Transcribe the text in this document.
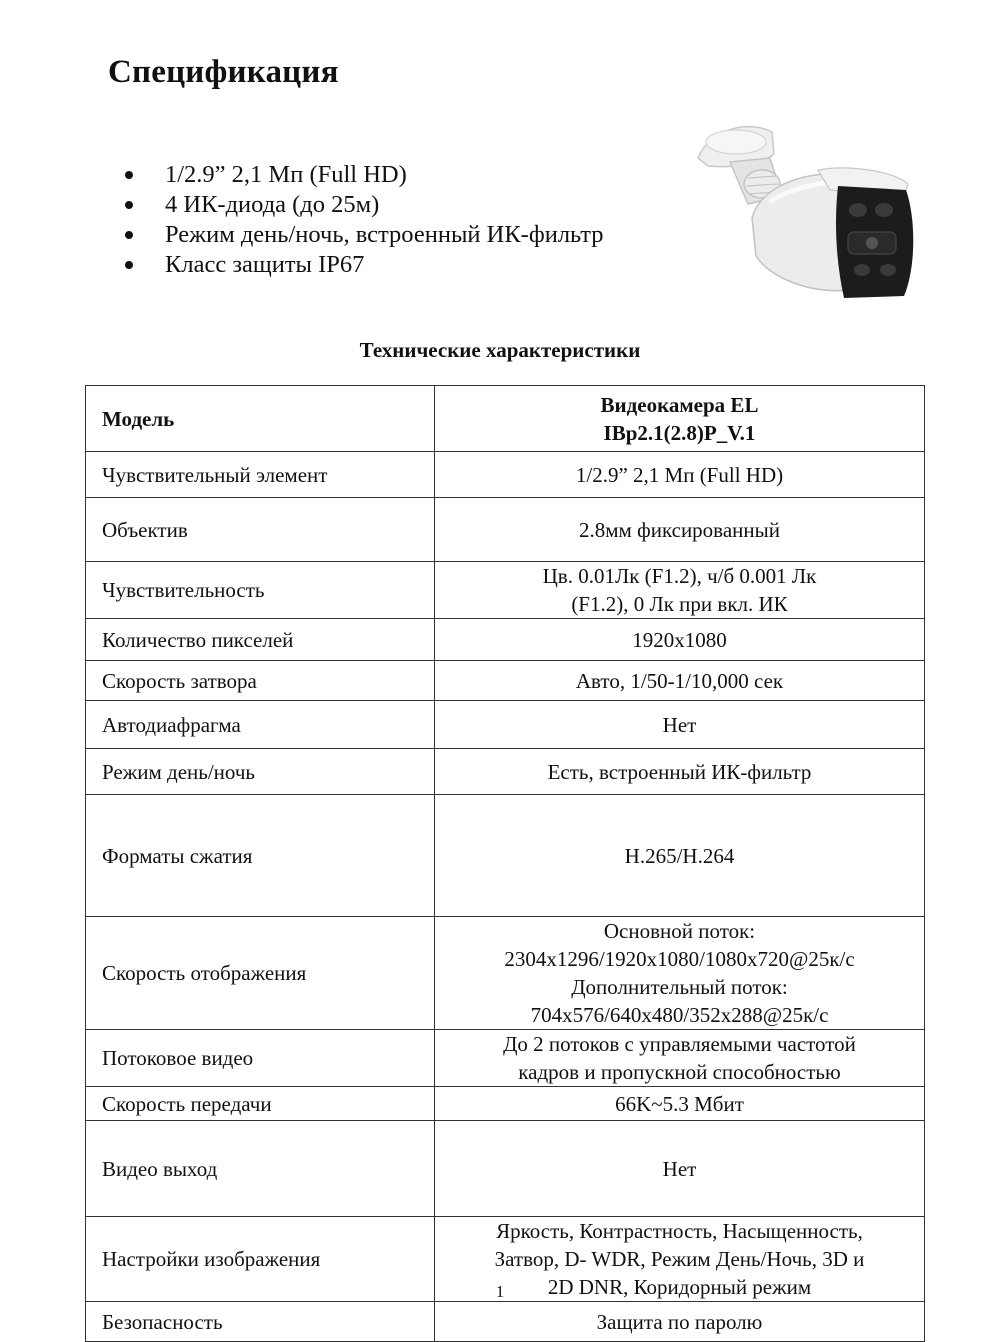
Спецификация
1/2.9” 2,1 Мп (Full HD)
4 ИК-диода (до 25м)
Режим день/ночь, встроенный ИК-фильтр
Класс защиты IP67
Технические характеристики
Модель	Видеокамера EL
IBp2.1(2.8)P_V.1

Чувствительный элемент	1/2.9” 2,1 Мп (Full HD)

Объектив	2.8мм фиксированный

Чувствительность	Цв. 0.01Лк (F1.2), ч/б 0.001 Лк
(F1.2), 0 Лк при вкл. ИК

Количество пикселей	1920x1080

Скорость затвора	Авто, 1/50-1/10,000 сек

Автодиафрагма	Нет

Режим день/ночь	Есть, встроенный ИК-фильтр

Форматы сжатия	H.265/H.264

Скорость отображения	Основной поток:
2304x1296/1920x1080/1080x720@25к/с
Дополнительный поток:
704x576/640x480/352x288@25к/с

Потоковое видео	До 2 потоков с управляемыми частотой
кадров и пропускной способностью

Скорость передачи	66K~5.3 Мбит

Видео выход	Нет

Настройки изображения	Яркость, Контрастность, Насыщенность,
Затвор, D- WDR, Режим День/Ночь, 3D и
2D DNR, Коридорный режим

Безопасность	Защита по паролю
1
